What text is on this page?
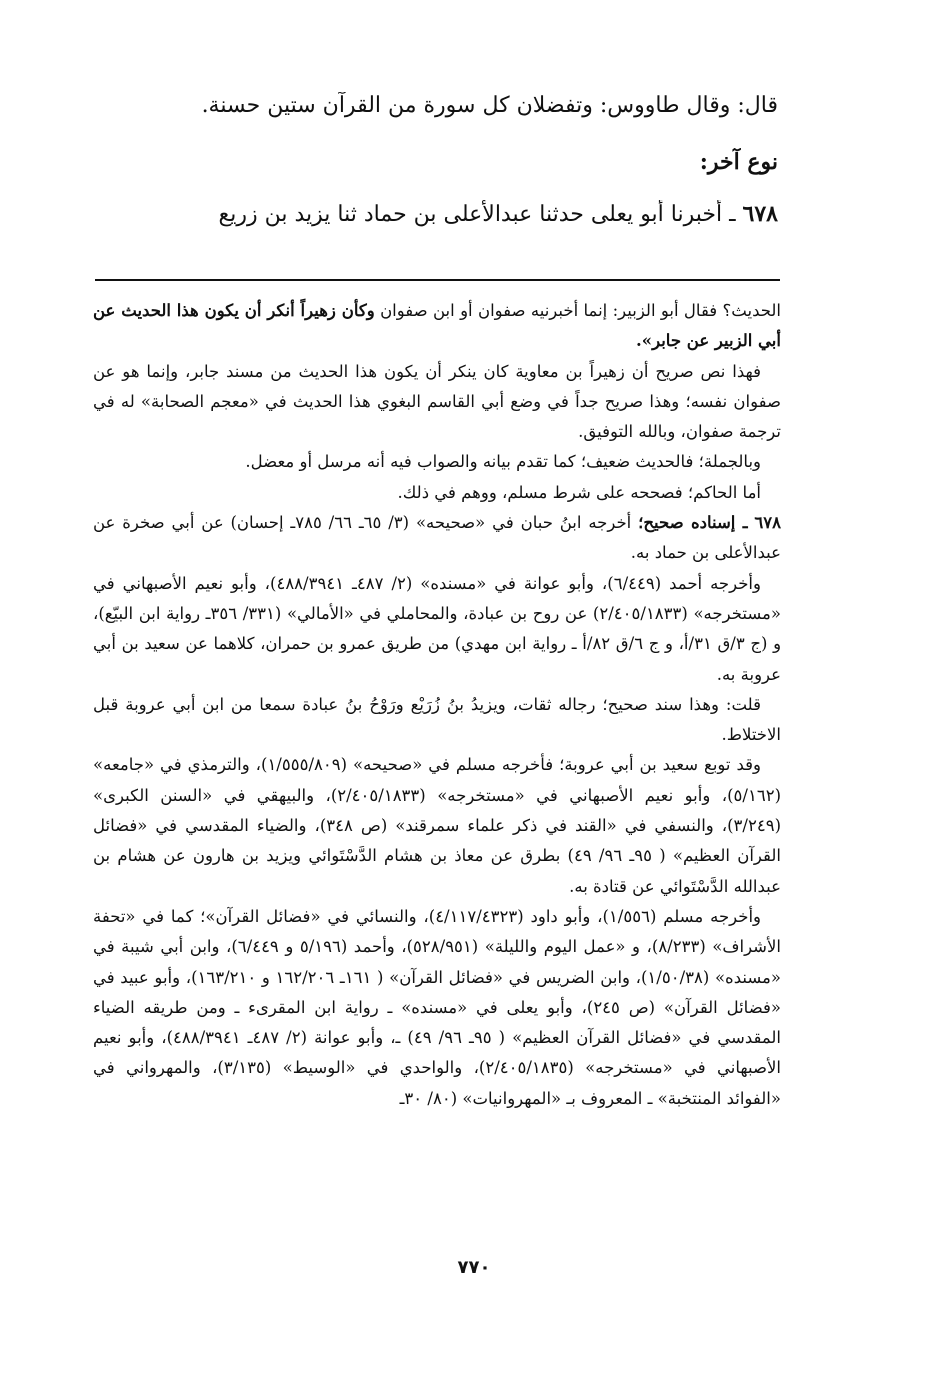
قال: وقال طاووس: وتفضلان كل سورة من القرآن ستين حسنة.

نوع آخر:

٦٧٨ ـ أخبرنا أبو يعلى حدثنا عبدالأعلى بن حماد ثنا يزيد بن زريع

الحديث؟ فقال أبو الزبير: إنما أخبرنيه صفوان أو ابن صفوان وكأن زهيراً أنكر أن يكون هذا الحديث عن أبي الزبير عن جابر».

فهذا نص صريح أن زهيراً بن معاوية كان ينكر أن يكون هذا الحديث من مسند جابر، وإنما هو عن صفوان نفسه؛ وهذا صريح جداً في وضع أبي القاسم البغوي هذا الحديث في «معجم الصحابة» له في ترجمة صفوان، وبالله التوفيق.

وبالجملة؛ فالحديث ضعيف؛ كما تقدم بيانه والصواب فيه أنه مرسل أو معضل.

أما الحاكم؛ فصححه على شرط مسلم، ووهم في ذلك.

٦٧٨ ـ إسناده صحيح؛ أخرجه ابنُ حبان في «صحيحه» (٣/ ٦٥ـ ٦٦/ ٧٨٥ـ إحسان) عن أبي صخرة عن عبدالأعلى بن حماد به.

وأخرجه أحمد (٦/٤٤٩)، وأبو عوانة في «مسنده» (٢/ ٤٨٧ـ ٤٨٨/٣٩٤١)، وأبو نعيم الأصبهاني في «مستخرجه» (٢/٤٠٥/١٨٣٣) عن روح بن عبادة، والمحاملي في «الأمالي» (٣٣١/ ٣٥٦ـ رواية ابن البيّع)، و (ج ٣/ق ٣١/أ، و ج ٦/ق ٨٢/أ ـ رواية ابن مهدي) من طريق عمرو بن حمران، كلاهما عن سعيد بن أبي عروبة به.

قلت: وهذا سند صحيح؛ رجاله ثقات، ويزيدُ بنُ زُرَيْع ورَوْحُ بنُ عبادة سمعا من ابن أبي عروبة قبل الاختلاط.

وقد توبع سعيد بن أبي عروبة؛ فأخرجه مسلم في «صحيحه» (١/٥٥٥/٨٠٩)، والترمذي في «جامعه» (٥/١٦٢)، وأبو نعيم الأصبهاني في «مستخرجه» (٢/٤٠٥/١٨٣٣)، والبيهقي في «السنن الكبرى» (٣/٢٤٩)، والنسفي في «القند في ذكر علماء سمرقند» (ص ٣٤٨)، والضياء المقدسي في «فضائل القرآن العظيم» ( ٩٥ـ ٩٦/ ٤٩) بطرق عن معاذ بن هشام الدَّسْتَوائي ويزيد بن هارون عن هشام بن عبدالله الدَّسْتَوائي عن قتادة به.

وأخرجه مسلم (١/٥٥٦)، وأبو داود (٤/١١٧/٤٣٢٣)، والنسائي في «فضائل القرآن»؛ كما في «تحفة الأشراف» (٨/٢٣٣)، و «عمل اليوم والليلة» (٥٢٨/٩٥١)، وأحمد (٥/١٩٦ و ٦/٤٤٩)، وابن أبي شيبة في «مسنده» (١/٥٠/٣٨)، وابن الضريس في «فضائل القرآن» ( ١٦١ـ ١٦٢/٢٠٦ و ١٦٣/٢١٠)، وأبو عبيد في «فضائل القرآن» (ص ٢٤٥)، وأبو يعلى في «مسنده» ـ رواية ابن المقرىء ـ ومن طريقه الضياء المقدسي في «فضائل القرآن العظيم» ( ٩٥ـ ٩٦/ ٤٩) ـ، وأبو عوانة (٢/ ٤٨٧ـ ٤٨٨/٣٩٤١)، وأبو نعيم الأصبهاني في «مستخرجه» (٢/٤٠٥/١٨٣٥)، والواحدي في «الوسيط» (٣/١٣٥)، والمهرواني في «الفوائد المنتخبة» ـ المعروف بـ «المهروانيات» (٨٠/ ٣٠ـ

٧٧٠
